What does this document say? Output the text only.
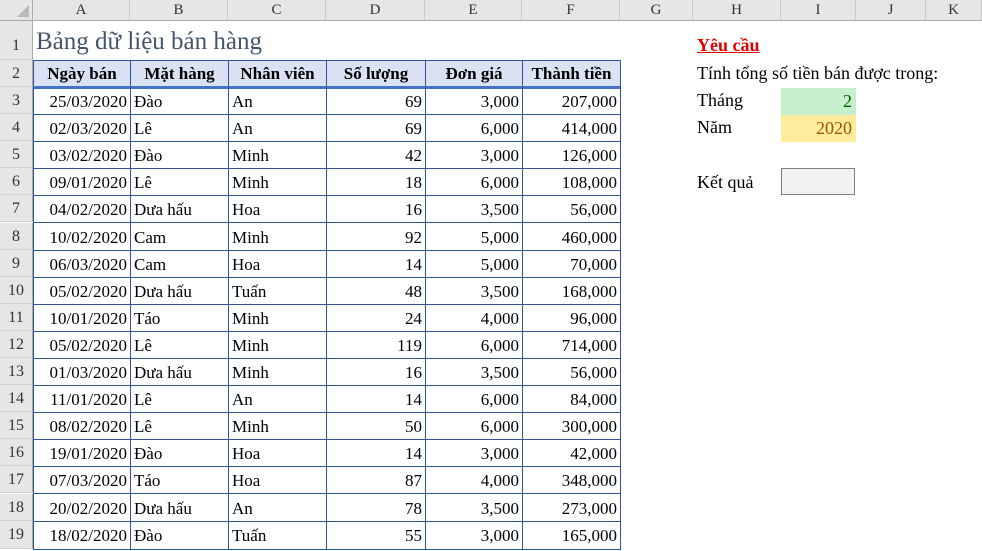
A	B	C	D	E	F	G	H	I	J	K
1
2
3
4
5
6
7
8
9
10
11
12
13
14
15
16
17
18
19
Ngày bán	Mặt hàng	Nhân viên	Số lượng	Đơn giá	Thành tiền
25/03/2020 Đào	An	69	3,000	207,000
02/03/2020 Lê	An	69	6,000	414,000
03/02/2020 Đào	Minh	42	3,000	126,000
09/01/2020 Lê	Minh	18	6,000	108,000
04/02/2020 Dưa hấu	Hoa	16	3,500	56,000
10/02/2020 Cam	Minh	92	5,000	460,000
06/03/2020 Cam	Hoa	14	5,000	70,000
05/02/2020 Dưa hấu	Tuấn	48	3,500	168,000
10/01/2020 Táo	Minh	24	4,000	96,000
05/02/2020 Lê	Minh	119	6,000	714,000
01/03/2020 Dưa hấu	Minh	16	3,500	56,000
11/01/2020 Lê	An	14	6,000	84,000
08/02/2020 Lê	Minh	50	6,000	300,000
19/01/2020 Đào	Hoa	14	3,000	42,000
07/03/2020 Táo	Hoa	87	4,000	348,000
20/02/2020 Dưa hấu	An	78	3,500	273,000
18/02/2020 Đào	Tuấn	55	3,000	165,000
Bảng dữ liệu bán hàng	Yêu cầu
Tính tổng số tiền bán được trong:
Tháng	2
Năm	2020
Kết quả
